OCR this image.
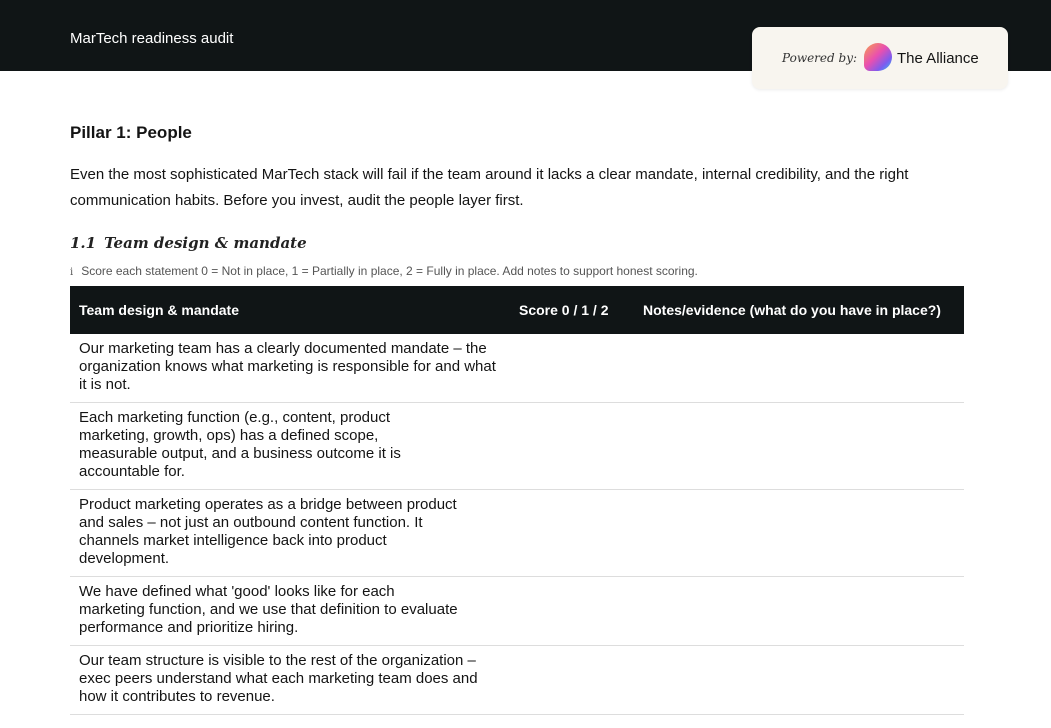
MarTech readiness audit
Powered by:	The Alliance
Pillar 1: People

Even the most sophisticated MarTech stack will fail if the team around it lacks a clear mandate, internal credibility, and the right communication habits. Before you invest, audit the people layer first.

1.1 Team design & mandate
i Score each statement 0 = Not in place, 1 = Partially in place, 2 = Fully in place. Add notes to support honest scoring.
Team design & mandate	Score 0 / 1 / 2	Notes/evidence (what do you have in place?)
Our marketing team has a clearly documented mandate – the organization knows what marketing is responsible for and what it is not.		
Each marketing function (e.g., content, product marketing, growth, ops) has a defined scope, measurable output, and a business outcome it is accountable for.		
Product marketing operates as a bridge between product and sales – not just an outbound content function. It channels market intelligence back into product development.		
We have defined what 'good' looks like for each marketing function, and we use that definition to evaluate performance and prioritize hiring.		
Our team structure is visible to the rest of the organization – exec peers understand what each marketing team does and how it contributes to revenue.		
